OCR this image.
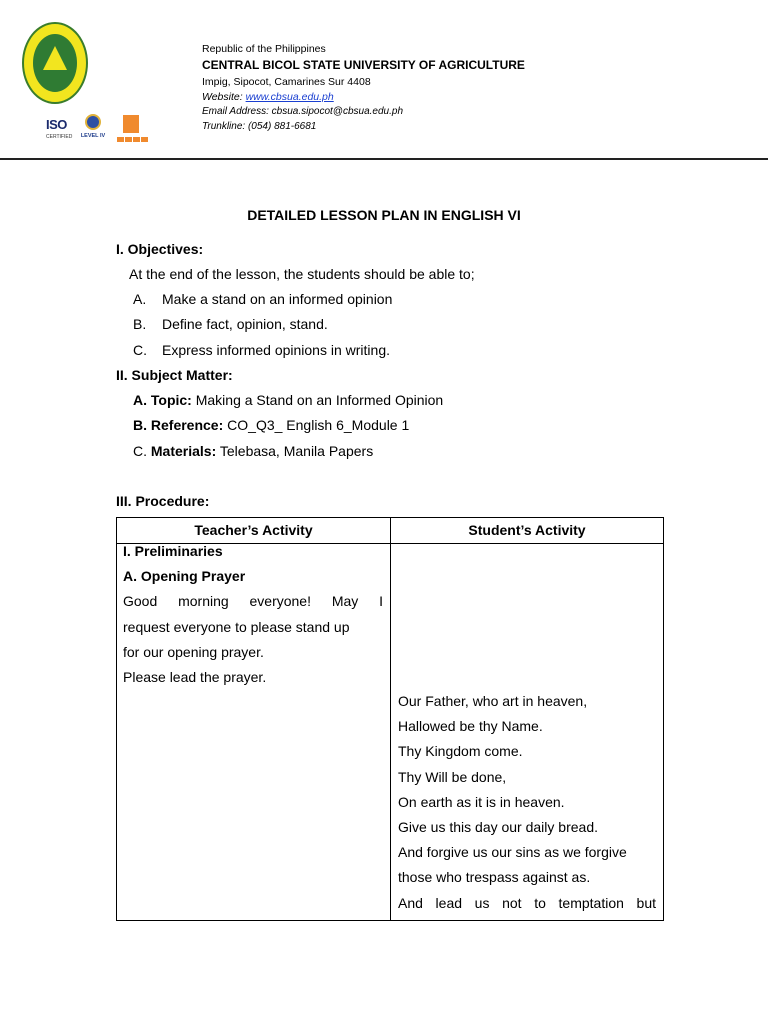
ISO
CERTIFIED	LEVEL IV
Republic of the Philippines
CENTRAL BICOL STATE UNIVERSITY OF AGRICULTURE
Impig, Sipocot, Camarines Sur 4408
Website: www.cbsua.edu.ph
Email Address: cbsua.sipocot@cbsua.edu.ph
Trunkline: (054) 881-6681
DETAILED LESSON PLAN IN ENGLISH VI
I. Objectives:
At the end of the lesson, the students should be able to;
A. Make a stand on an informed opinion
B. Define fact, opinion, stand.
C. Express informed opinions in writing.
II. Subject Matter:
A. Topic: Making a Stand on an Informed Opinion
B. Reference: CO_Q3_ English 6_Module 1
C. Materials: Telebasa, Manila Papers
III. Procedure:
Teacher’s Activity	Student’s Activity
I. Preliminaries
A. Opening Prayer
Good morning everyone! May I
request everyone to please stand up
for our opening prayer.
Please lead the prayer.
Our Father, who art in heaven,
Hallowed be thy Name.
Thy Kingdom come.
Thy Will be done,
On earth as it is in heaven.
Give us this day our daily bread.
And forgive us our sins as we forgive
those who trespass against as.
And lead us not to temptation but
